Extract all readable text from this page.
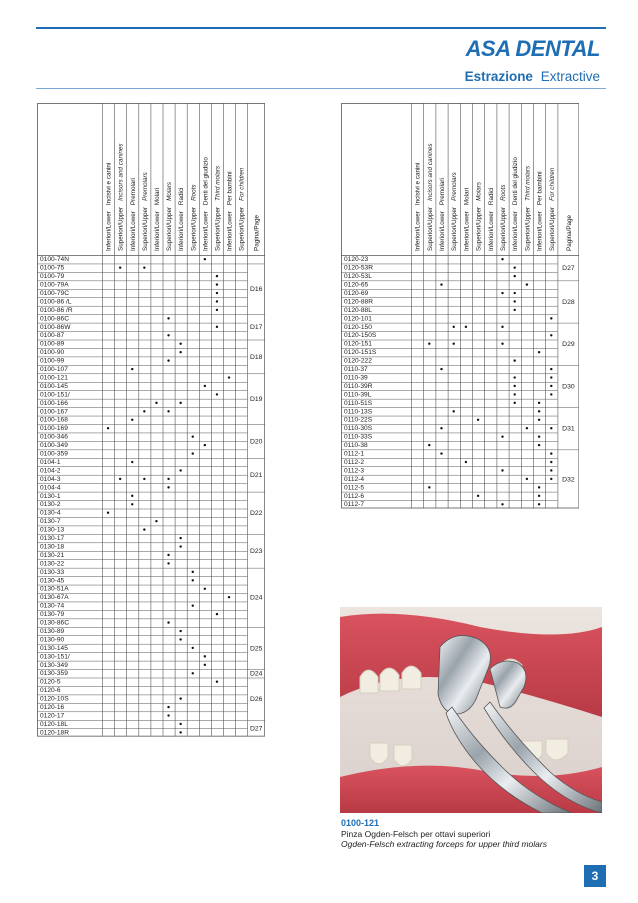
ASA DENTAL
Estrazione Extractive
Inferiori/LowerIncisivi e canini
Superiori/UpperIncisors and canines
Inferiori/LowerPremolari
Superiori/UpperPremolars
Inferiori/LowerMolari
Superiori/UpperMolars
Inferiori/LowerRadici
Superiori/UpperRoots
Inferiori/LowerDenti del giudizio
Superiori/UpperThird molars
Inferiori/LowerPer bambini
Superiori/UpperFor children
Pagina/Page
0100-74N
0100-75
0100-79
0100-79A
0100-79C
0100-86 /L
0100-86 /R
0100-86C
0100-86W
0100-87
0100-89
0100-90
0100-99
0100-107
0100-121
0100-145
0100-151/
0100-166
0100-167
0100-168
0100-169
0100-346
0100-349
0100-359
0104-1
0104-2
0104-3
0104-4
0130-1
0130-2
0130-4
0130-7
0130-13
0130-17
0130-18
0130-21
0130-22
0130-33
0130-45
0130-51A
0130-67A
0130-74
0130-79
0130-86C
0130-89
0130-90
0130-145
0130-151/
0130-349
0130-359
0120-5
0120-6
0120-10S
0120-16
0120-17
0120-18L
0120-18R
D16
D17
D18
D19
D20
D21
D22
D23
D24
D25
D24
D26
D27
Inferiori/LowerIncisivi e canini
Superiori/UpperIncisors and canines
Inferiori/LowerPremolari
Superiori/UpperPremolars
Inferiori/LowerMolari
Superiori/UpperMolars
Inferiori/LowerRadici
Superiori/UpperRoots
Inferiori/LowerDenti del giudizio
Superiori/UpperThird molars
Inferiori/LowerPer bambini
Superiori/UpperFor children
Pagina/Page
0120-23
0120-53R
0120-53L
0120-65
0120-69
0120-88R
0120-88L
0120-101
0120-150
0120-150S
0120-151
0120-151S
0120-222
0110-37
0110-39
0110-39R
0110-39L
0110-51S
0110-13S
0110-22S
0110-30S
0110-33S
0110-38
0112-1
0112-2
0112-3
0112-4
0112-5
0112-6
0112-7
D27
D28
D29
D30
D31
D32
0100-121
Pinza Ogden-Felsch per ottavi superiori
Ogden-Felsch extracting forceps for upper third molars
3
